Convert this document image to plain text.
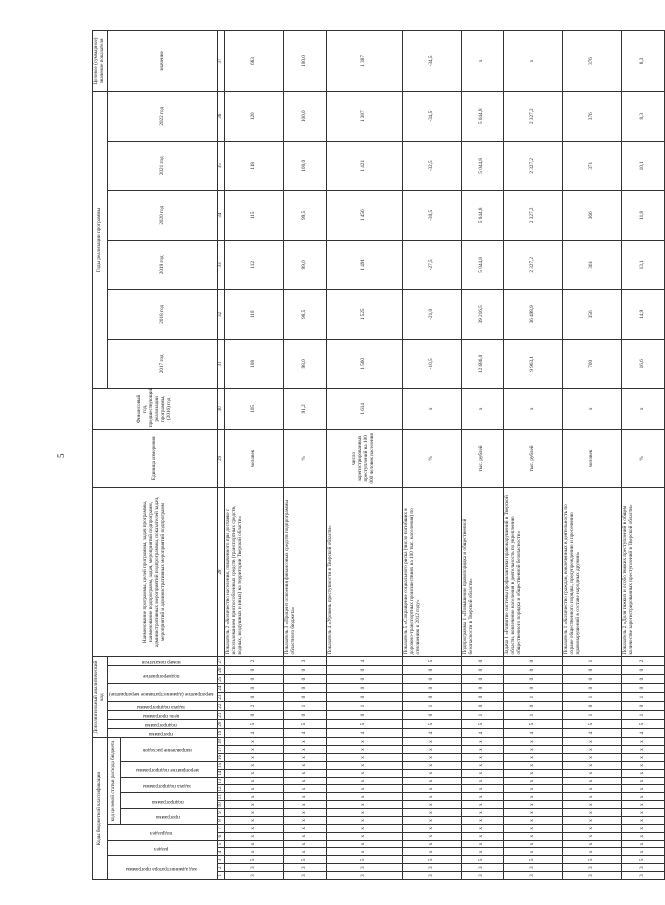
5
Коды бюджетной классификации																		Дополнительный аналитический код									Наименование программы, целей программы, задач программы, наименование подпрограмм, задач, мероприятий подпрограмм, административных мероприятий подпрограммы, показателей задач, мероприятий и административных мероприятий подпрограмм	Единица измерения	Финансовый год, предшествующий реализации программы, (2016) год	Годы реализации программы						Целевое (суммарное) значение показателя
код администратора программы			раздел		подраздел		код целевой статьи расхода бюджета											программа	подпрограмма	цель программы	задача подпрограммы	мероприятие (административное мероприятие)		подмероприятие		номер показателя				2017 год	2018 год	2019 год	2020 год	2021 год	2022 год	значение
							программа		подпрограмма		задача подпрограммы		мероприятие подпрограммы		направление расходов																					
1	2	3	4	5	6	7	8	9	10	11	12	13	14	15	16	17	18	19	20	21	22	23	24	25	26	27	28	29	30	31	32	33	34	35	36	37
3	3	5	х	х	х	х	х	х	х	х	х	х	х	х	х	х	х	4	5	0	2	0	0	0	0	2	Показатель 2 «Количество населения, охваченного при доставке с использованием приспособленных средств (транспортных средств, водных, воздушных и иных) на территории Тверской области»	человек	105	108	110	112	115	118	120	683
3	3	5	х	х	х	х	х	х	х	х	х	х	х	х	х	х	х	4	5	0	1	0	0	0	0	3	Показатель 3 «Процент освоения финансовых средств подпрограммы областного бюджета»	%	91,2	98,0	98,5	99,0	99,5	100,0	100,0	100,0
3	3	5	х	х	х	х	х	х	х	х	х	х	х	х	х	х	х	4	5	0	1	0	0	0	0	4	Показатель 4 «Уровень преступности в Тверской области»	число зарегистрированных преступлений на 100 000 человек населения	1 614	1 560	1 525	1 491	1 456	1 421	1 387	1 387
3	3	5	х	х	х	х	х	х	х	х	х	х	х	х	х	х	х	4	5	0	1	0	0	0	0	5	Показатель 5 «Сокращение социального риска (число погибших в дорожно-транспортных происшествиях на 100 тыс. населения) по отношению к 2012 году»	%	х	-10,5	-21,0	-27,5	-30,5	-32,5	-34,5	-34,5
3	3	5	х	х	х	х	х	х	х	х	х	х	х	х	х	х	х	4	5	1	0	0	0	0	0	0	Подпрограмма 1 «Повышение правопорядка и общественной безопасности в Тверской области»	тыс. рублей	х	12 686,0	39 216,5	5 044,8	5 044,8	5 044,8	5 044,8	х
3	3	5	х	х	х	х	х	х	х	х	х	х	х	х	х	х	х	4	5	1	0	1	0	0	0	0	Задача 1 «Развитие системы профилактики правонарушений в Тверской области, вовлечение населения в деятельность по укреплению общественного порядка и общественной безопасности»	тыс. рублей	х	9 963,1	36 498,9	2 327,2	2 327,2	2 327,2	2 327,2	х
3	3	5	х	х	х	х	х	х	х	х	х	х	х	х	х	х	х	4	5	1	0	1	0	0	0	1	Показатель 1 «Количество граждан, вовлеченных в деятельность по охране общественного порядка, предупреждению и пресечению правонарушений в составе народных дружин»	человек	х	700	356	361	366	371	376	376
3	3	5	х	х	х	х	х	х	х	х	х	х	х	х	х	х	х	4	5	1	0	1	0	0	0	2	Показатель 2 «Доля тяжких и особо тяжких преступлений в общем количестве зарегистрированных преступлений в Тверской области»	%	х	16,6	14,9	13,1	11,8	10,1	8,3	8,3
